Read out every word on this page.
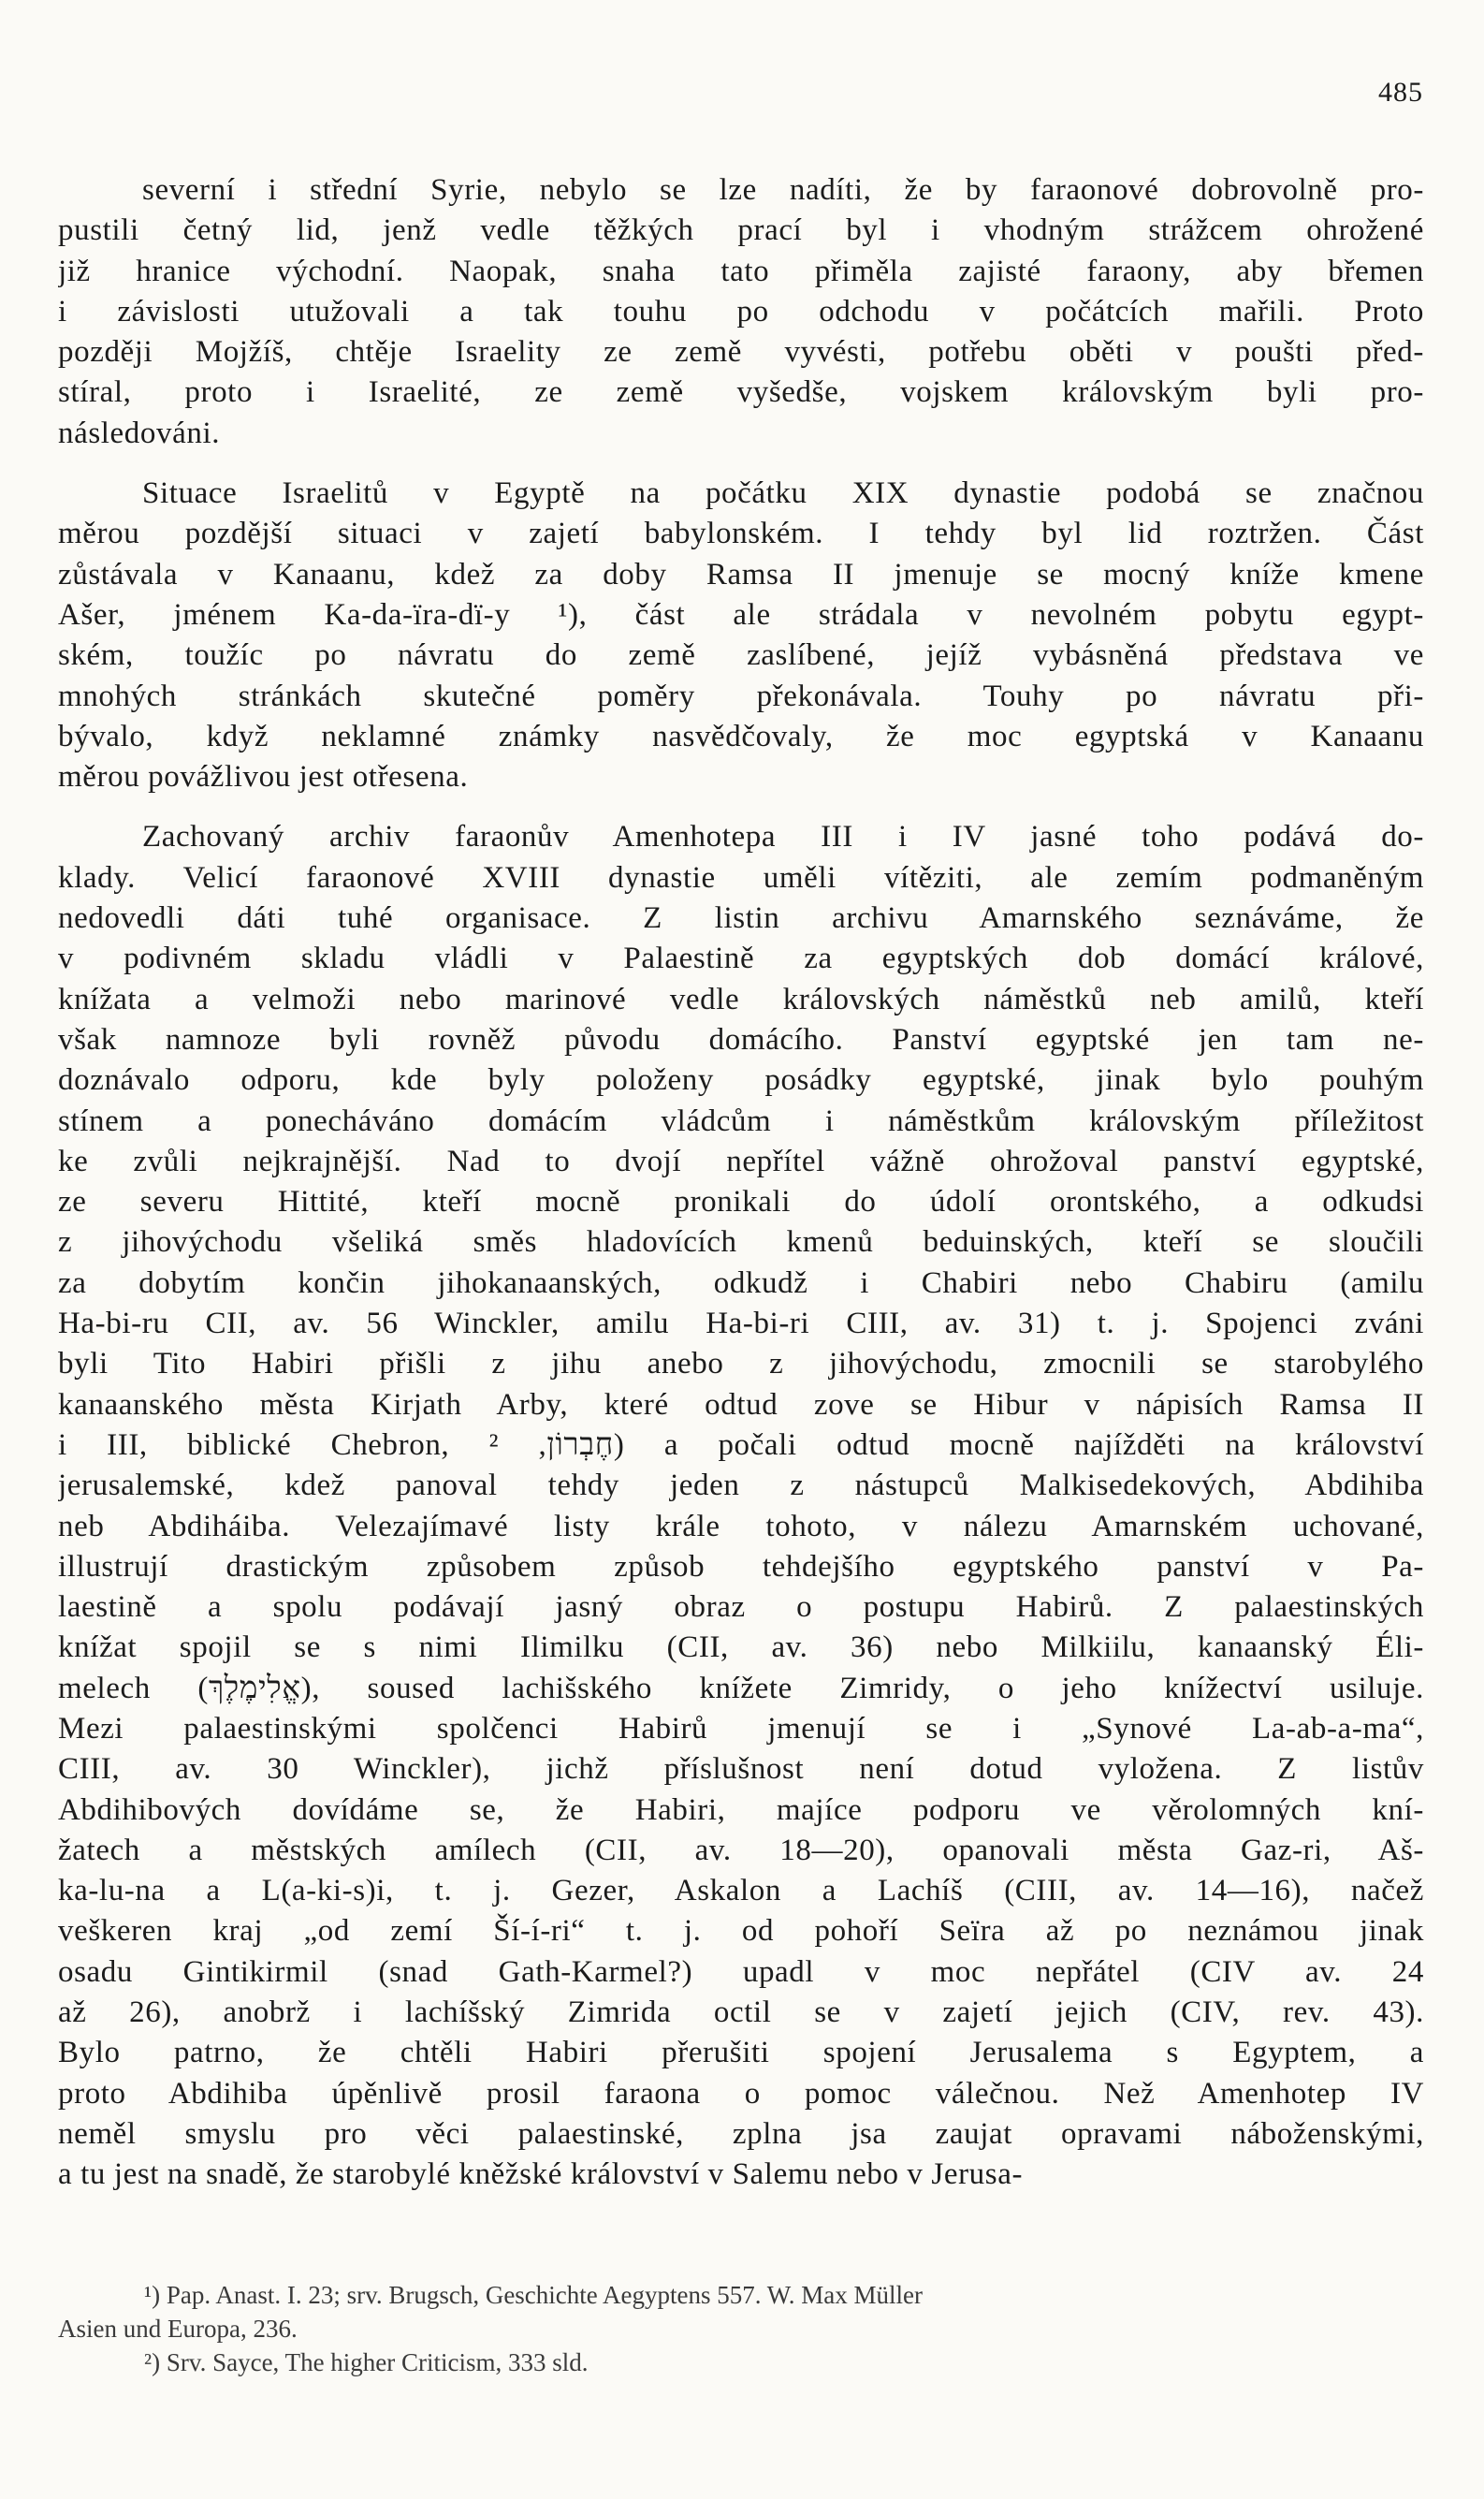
485

severní i střední Syrie, nebylo se lze nadíti, že by faraonové dobrovolně pro-
pustili četný lid, jenž vedle těžkých prací byl i vhodným strážcem ohrožené
již hranice východní. Naopak, snaha tato přiměla zajisté faraony, aby břemen
i závislosti utužovali a tak touhu po odchodu v počátcích mařili. Proto
později Mojžíš, chtěje Israelity ze země vyvésti, potřebu oběti v poušti před-
stíral, proto i Israelité, ze země vyšedše, vojskem královským byli pro-
následováni.

Situace Israelitů v Egyptě na počátku XIX dynastie podobá se značnou
měrou pozdější situaci v zajetí babylonském. I tehdy byl lid roztržen. Část
zůstávala v Kanaanu, kdež za doby Ramsa II jmenuje se mocný kníže kmene
Ašer, jménem Ka-da-ïra-dï-y ¹), část ale strádala v nevolném pobytu egypt-
ském, toužíc po návratu do země zaslíbené, jejíž vybásněná představa ve
mnohých stránkách skutečné poměry překonávala. Touhy po návratu při-
bývalo, když neklamné známky nasvědčovaly, že moc egyptská v Kanaanu
měrou povážlivou jest otřesena.

Zachovaný archiv faraonův Amenhotepa III i IV jasné toho podává do-
klady. Velicí faraonové XVIII dynastie uměli vítěziti, ale zemím podmaněným
nedovedli dáti tuhé organisace. Z listin archivu Amarnského seznáváme, že
v podivném skladu vládli v Palaestině za egyptských dob domácí králové,
knížata a velmoži nebo marinové vedle královských náměstků neb amilů, kteří
však namnoze byli rovněž původu domácího. Panství egyptské jen tam ne-
doznávalo odporu, kde byly položeny posádky egyptské, jinak bylo pouhým
stínem a ponecháváno domácím vládcům i náměstkům královským příležitost
ke zvůli nejkrajnější. Nad to dvojí nepřítel vážně ohrožoval panství egyptské,
ze severu Hittité, kteří mocně pronikali do údolí orontského, a odkudsi
z jihovýchodu všeliká směs hladovících kmenů beduinských, kteří se sloučili
za dobytím končin jihokanaanských, odkudž i Chabiri nebo Chabiru (amilu
Ha-bi-ru CII, av. 56 Winckler, amilu Ha-bi-ri CIII, av. 31) t. j. Spojenci zváni
byli Tito Habiri přišli z jihu anebo z jihovýchodu, zmocnili se starobylého
kanaanského města Kirjath Arby, které odtud zove se Hibur v nápisích Ramsa II
i III, biblické Chebron, חֶבְרוֹן, ²) a počali odtud mocně najížděti na království
jerusalemské, kdež panoval tehdy jeden z nástupců Malkisedekových, Abdihiba
neb Abdiháiba. Velezajímavé listy krále tohoto, v nálezu Amarnském uchované,
illustrují drastickým způsobem způsob tehdejšího egyptského panství v Pa-
laestině a spolu podávají jasný obraz o postupu Habirů. Z palaestinských
knížat spojil se s nimi Ilimilku (CII, av. 36) nebo Milkiilu, kanaanský Éli-
melech (אֱלִימֶלֶךְ), soused lachišského knížete Zimridy, o jeho knížectví usiluje.
Mezi palaestinskými spolčenci Habirů jmenují se i „Synové La-ab-a-ma“,
CIII, av. 30 Winckler), jichž příslušnost není dotud vyložena. Z listův
Abdihibových dovídáme se, že Habiri, majíce podporu ve věrolomných kní-
žatech a městských amílech (CII, av. 18—20), opanovali města Gaz-ri, Aš-
ka-lu-na a L(a-ki-s)i, t. j. Gezer, Askalon a Lachíš (CIII, av. 14—16), načež
veškeren kraj „od zemí Ší-í-ri“ t. j. od pohoří Seïra až po neznámou jinak
osadu Gintikirmil (snad Gath-Karmel?) upadl v moc nepřátel (CIV av. 24
až 26), anobrž i lachíšský Zimrida octil se v zajetí jejich (CIV, rev. 43).
Bylo patrno, že chtěli Habiri přerušiti spojení Jerusalema s Egyptem, a
proto Abdihiba úpěnlivě prosil faraona o pomoc válečnou. Než Amenhotep IV
neměl smyslu pro věci palaestinské, zplna jsa zaujat opravami náboženskými,
a tu jest na snadě, že starobylé kněžské království v Salemu nebo v Jerusa-

¹) Pap. Anast. I. 23; srv. Brugsch, Geschichte Aegyptens 557. W. Max Müller
Asien und Europa, 236.
²) Srv. Sayce, The higher Criticism, 333 sld.
